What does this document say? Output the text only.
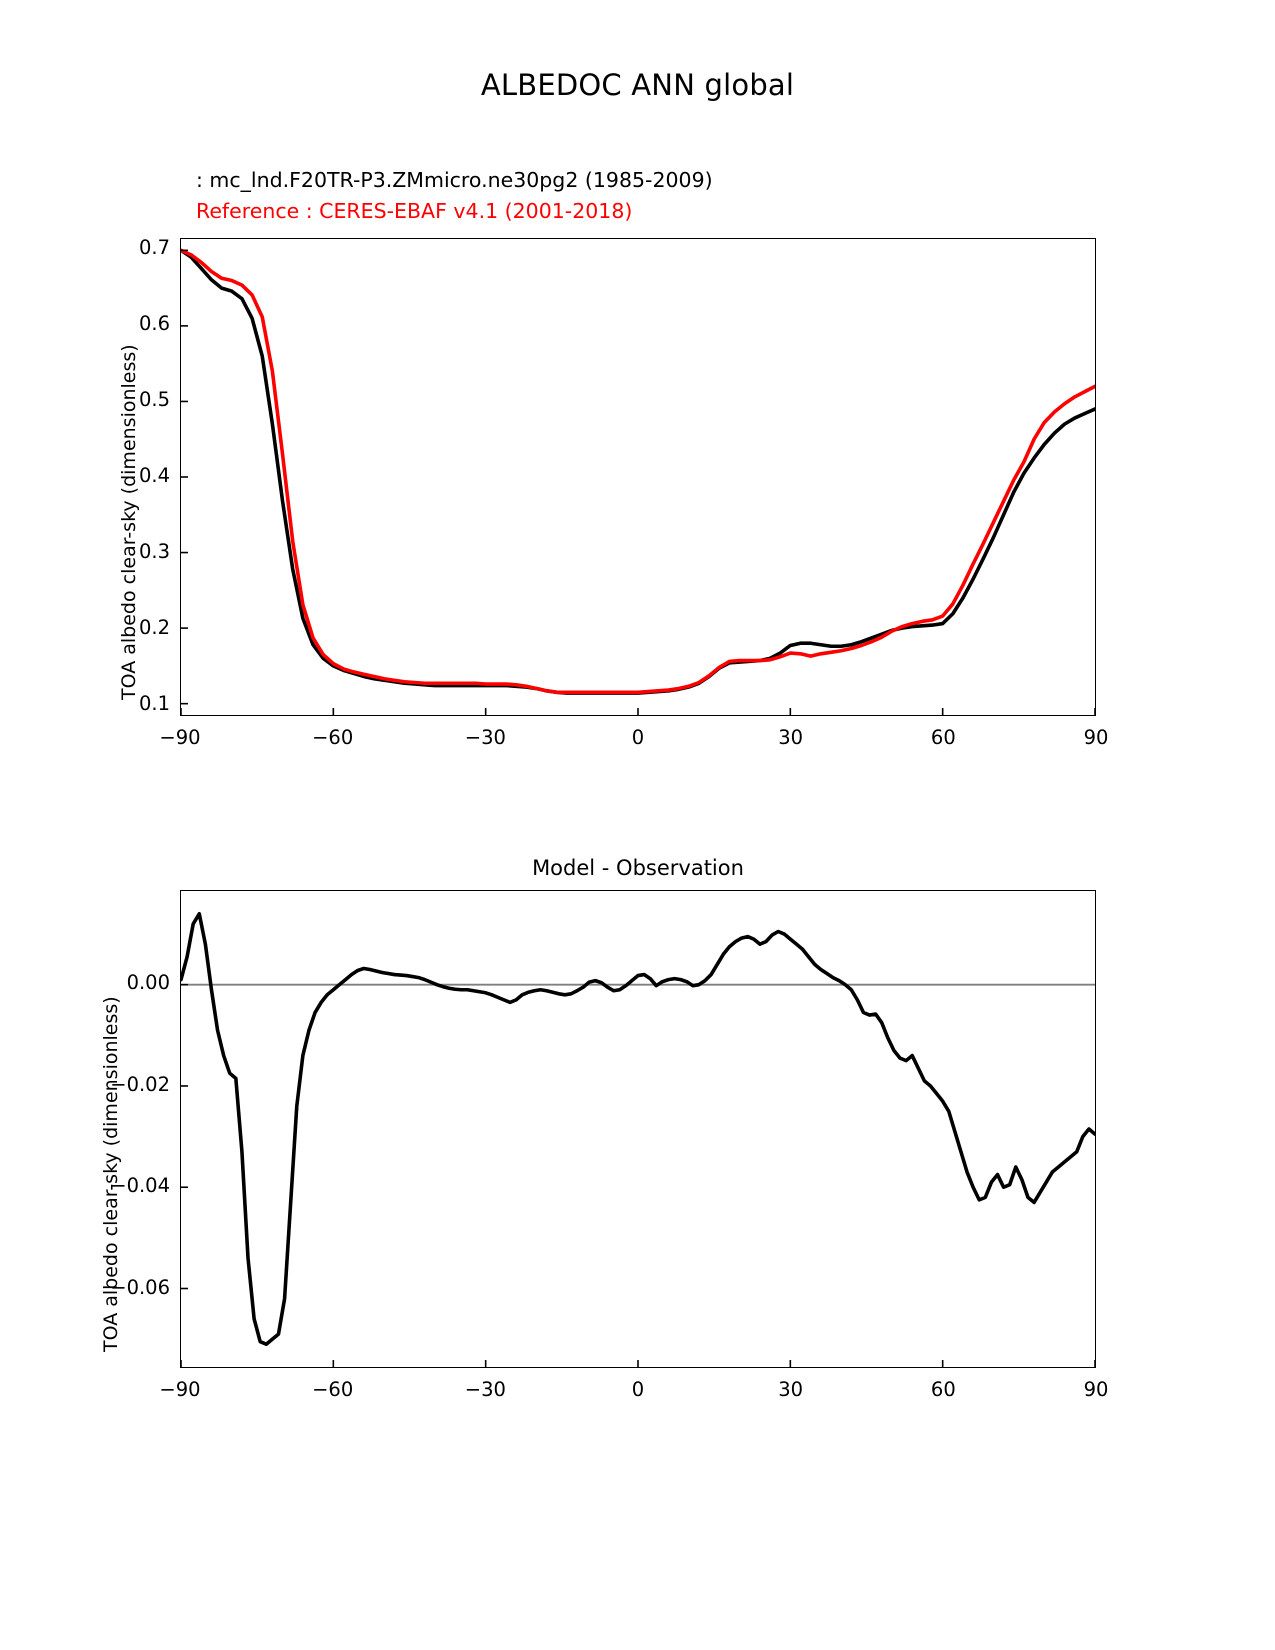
ALBEDOC ANN global
: mc_lnd.F20TR-P3.ZMmicro.ne30pg2 (1985-2009)
Reference : CERES-EBAF v4.1 (2001-2018)
TOA albedo clear-sky (dimensionless)
Model - Observation
TOA albedo clear-sky (dimensionless)
−90	−60	−30	0	30	60	90
0.1
0.2
0.3
0.4
0.5
0.6
0.7
−90	−60	−30	0	30	60	90
−0.06
−0.04
−0.02
0.00
